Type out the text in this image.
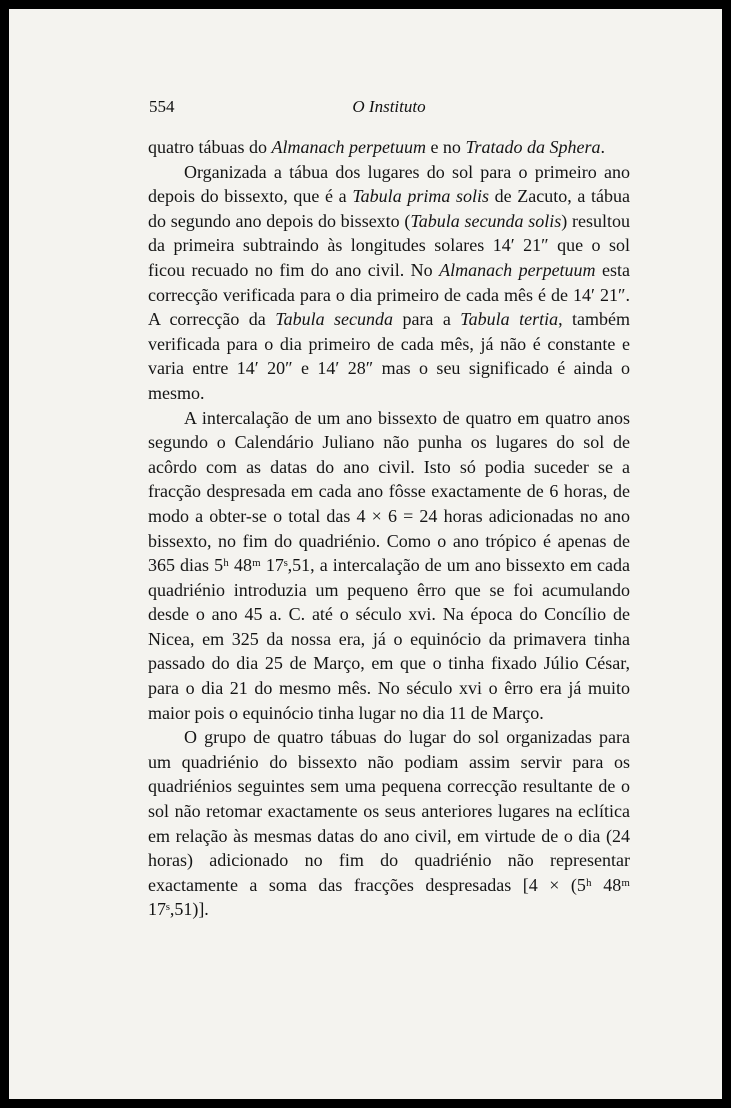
554	O Instituto

quatro tábuas do Almanach perpetuum e no Tratado da Sphera.

Organizada a tábua dos lugares do sol para o primeiro ano depois do bissexto, que é a Tabula prima solis de Zacuto, a tábua do segundo ano depois do bissexto (Tabula secunda solis) resultou da primeira subtraindo às longitudes solares 14′ 21″ que o sol ficou recuado no fim do ano civil. No Almanach perpetuum esta correcção verificada para o dia primeiro de cada mês é de 14′ 21″. A correcção da Tabula secunda para a Tabula tertia, também verificada para o dia primeiro de cada mês, já não é constante e varia entre 14′ 20″ e 14′ 28″ mas o seu significado é ainda o mesmo.

A intercalação de um ano bissexto de quatro em quatro anos segundo o Calendário Juliano não punha os lugares do sol de acôrdo com as datas do ano civil. Isto só podia suceder se a fracção despresada em cada ano fôsse exactamente de 6 horas, de modo a obter-se o total das 4 × 6 = 24 horas adicionadas no ano bissexto, no fim do quadriénio. Como o ano trópico é apenas de 365 dias 5ʰ 48ᵐ 17ˢ,51, a intercalação de um ano bissexto em cada quadriénio introduzia um pequeno êrro que se foi acumulando desde o ano 45 a. C. até o século xvi. Na época do Concílio de Nicea, em 325 da nossa era, já o equinócio da primavera tinha passado do dia 25 de Março, em que o tinha fixado Júlio César, para o dia 21 do mesmo mês. No século xvi o êrro era já muito maior pois o equinócio tinha lugar no dia 11 de Março.

O grupo de quatro tábuas do lugar do sol organizadas para um quadriénio do bissexto não podiam assim servir para os quadriénios seguintes sem uma pequena correcção resultante de o sol não retomar exactamente os seus anteriores lugares na eclítica em relação às mesmas datas do ano civil, em virtude de o dia (24 horas) adicionado no fim do quadriénio não representar exactamente a soma das fracções despresadas [4 × (5ʰ 48ᵐ 17ˢ,51)].
